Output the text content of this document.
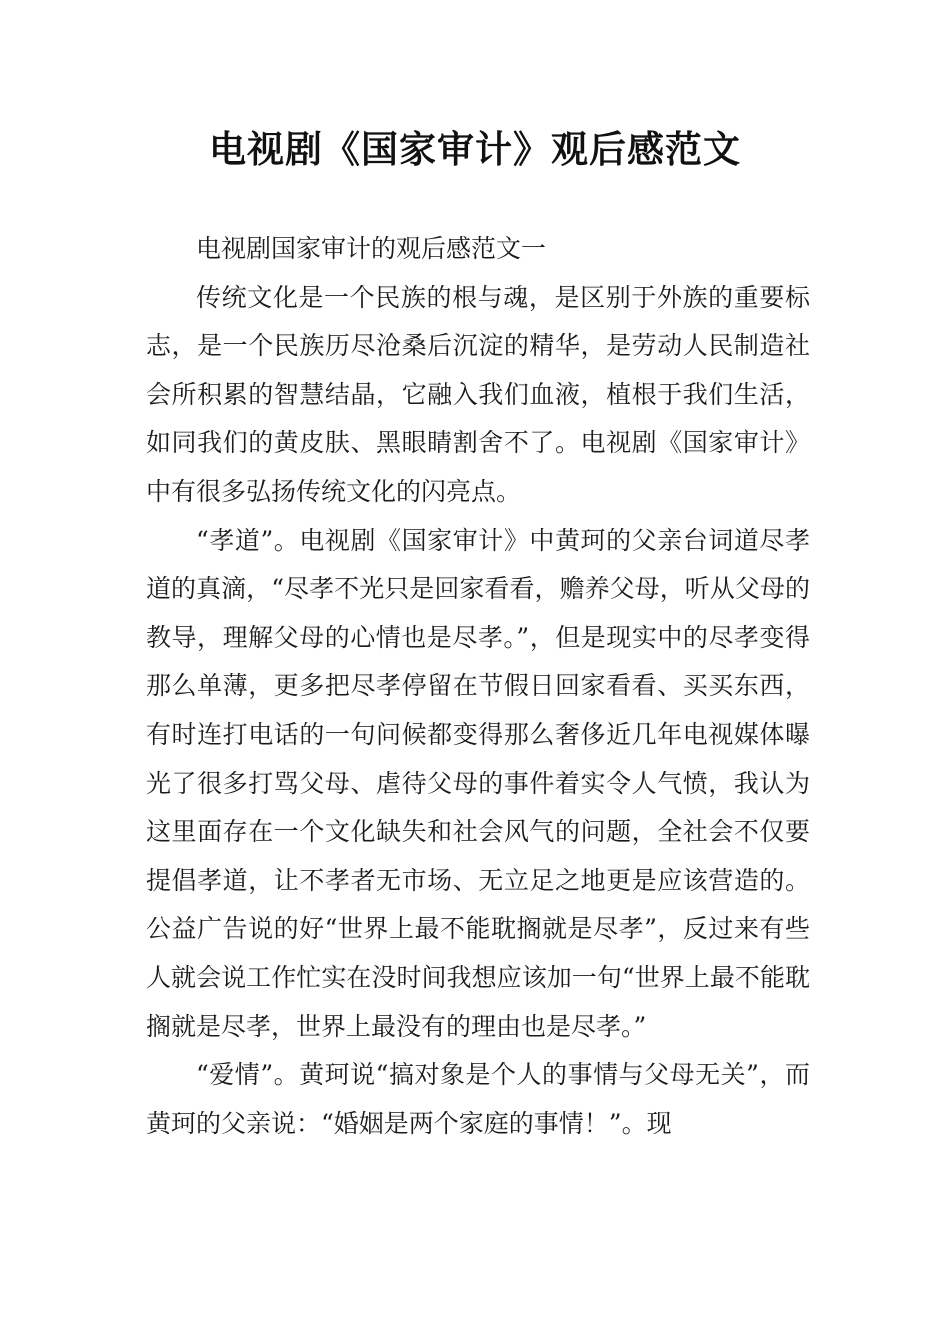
电视剧《国家审计》观后感范文

电视剧国家审计的观后感范文一

传统文化是一个民族的根与魂，是区别于外族的重要标志，是一个民族历尽沧桑后沉淀的精华，是劳动人民制造社会所积累的智慧结晶，它融入我们血液，植根于我们生活，如同我们的黄皮肤、黑眼睛割舍不了。电视剧《国家审计》中有很多弘扬传统文化的闪亮点。

“孝道”。电视剧《国家审计》中黄珂的父亲台词道尽孝道的真滴，“尽孝不光只是回家看看，赡养父母，听从父母的教导，理解父母的心情也是尽孝。”，但是现实中的尽孝变得那么单薄，更多把尽孝停留在节假日回家看看、买买东西，有时连打电话的一句问候都变得那么奢侈近几年电视媒体曝光了很多打骂父母、虐待父母的事件着实令人气愤，我认为这里面存在一个文化缺失和社会风气的问题，全社会不仅要提倡孝道，让不孝者无市场、无立足之地更是应该营造的。公益广告说的好“世界上最不能耽搁就是尽孝”，反过来有些人就会说工作忙实在没时间我想应该加一句“世界上最不能耽搁就是尽孝，世界上最没有的理由也是尽孝。”

“爱情”。黄珂说“搞对象是个人的事情与父母无关”，而黄珂的父亲说：“婚姻是两个家庭的事情！”。现
